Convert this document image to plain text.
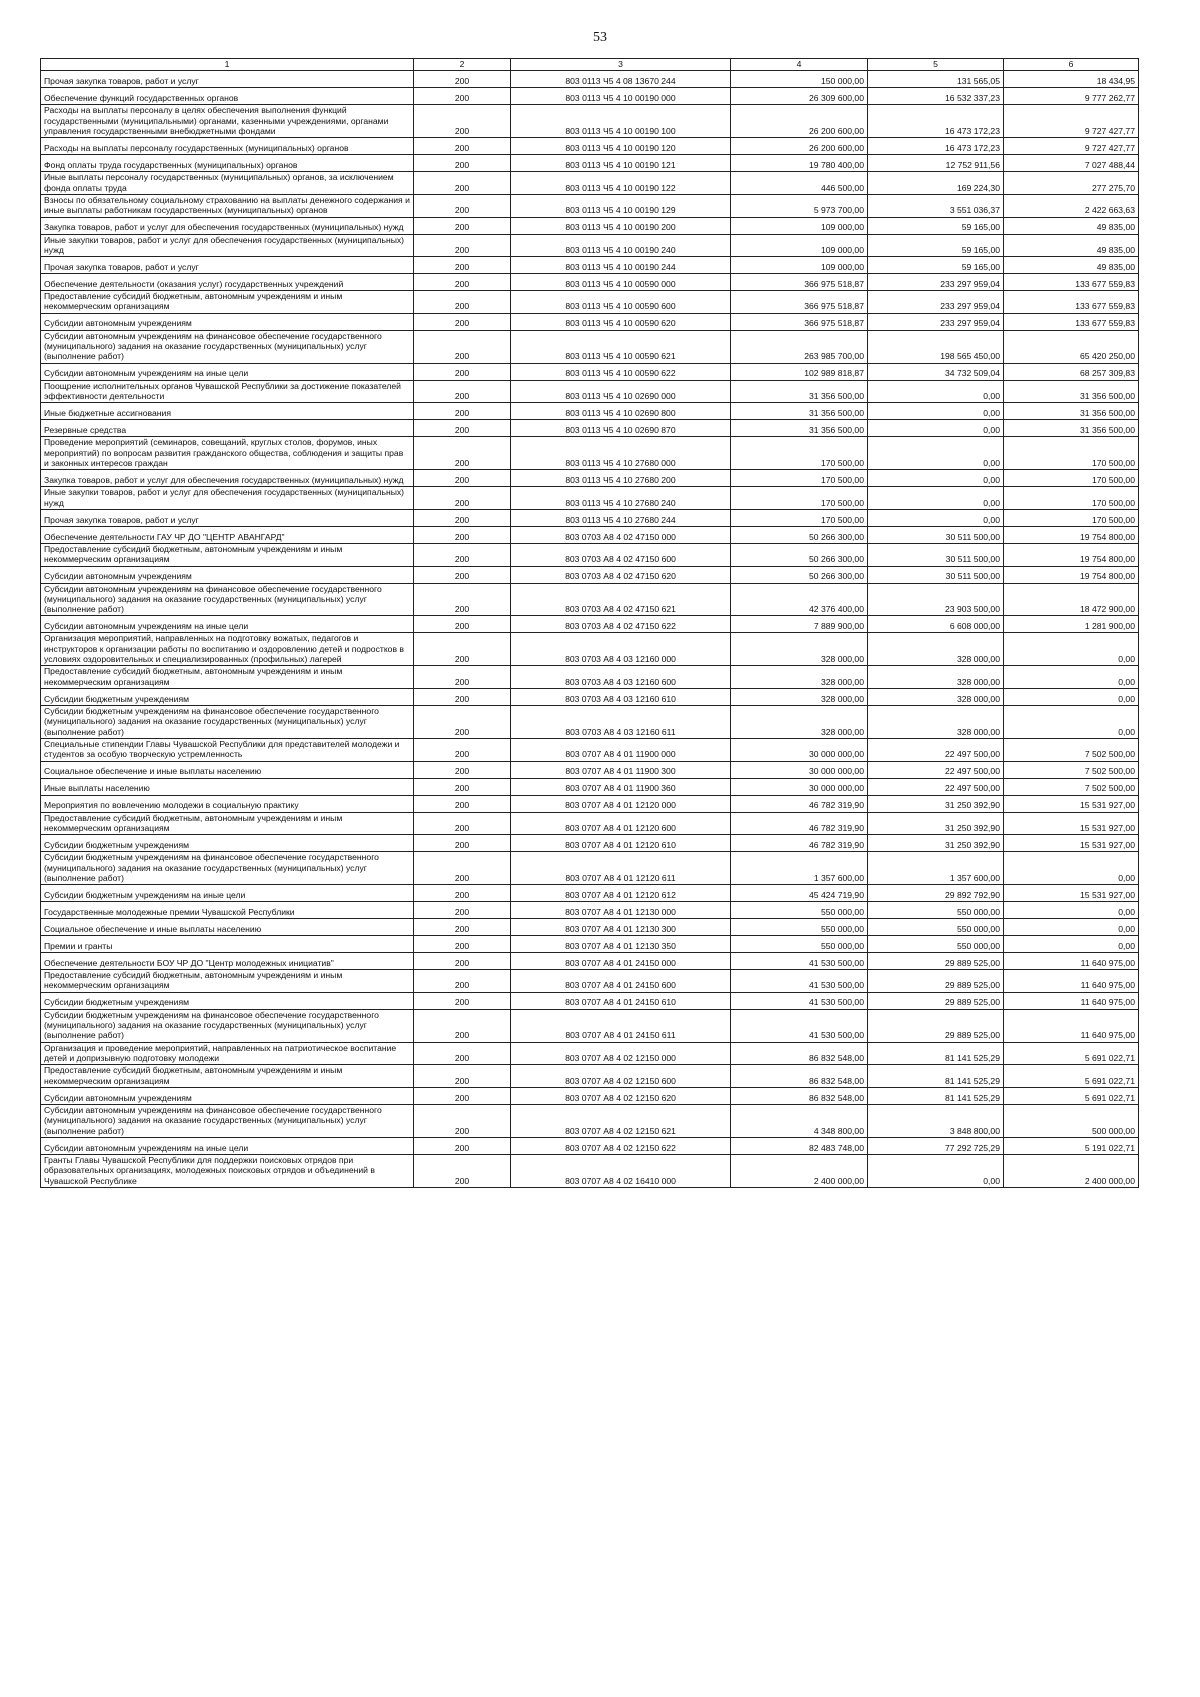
53
1	2	3	4	5	6
Прочая закупка товаров, работ и услуг	200	803 0113 Ч5 4 08 13670 244	150 000,00	131 565,05	18 434,95
Обеспечение функций государственных органов	200	803 0113 Ч5 4 10 00190 000	26 309 600,00	16 532 337,23	9 777 262,77
Расходы на выплаты персоналу в целях обеспечения выполнения функций государственными (муниципальными) органами, казенными учреждениями, органами управления государственными внебюджетными фондами	200	803 0113 Ч5 4 10 00190 100	26 200 600,00	16 473 172,23	9 727 427,77
Расходы на выплаты персоналу государственных (муниципальных) органов	200	803 0113 Ч5 4 10 00190 120	26 200 600,00	16 473 172,23	9 727 427,77
Фонд оплаты труда государственных (муниципальных) органов	200	803 0113 Ч5 4 10 00190 121	19 780 400,00	12 752 911,56	7 027 488,44
Иные выплаты персоналу государственных (муниципальных) органов, за исключением фонда оплаты труда	200	803 0113 Ч5 4 10 00190 122	446 500,00	169 224,30	277 275,70
Взносы по обязательному социальному страхованию на выплаты денежного содержания и иные выплаты работникам государственных (муниципальных) органов	200	803 0113 Ч5 4 10 00190 129	5 973 700,00	3 551 036,37	2 422 663,63
Закупка товаров, работ и услуг для обеспечения государственных (муниципальных) нужд	200	803 0113 Ч5 4 10 00190 200	109 000,00	59 165,00	49 835,00
Иные закупки товаров, работ и услуг для обеспечения государственных (муниципальных) нужд	200	803 0113 Ч5 4 10 00190 240	109 000,00	59 165,00	49 835,00
Прочая закупка товаров, работ и услуг	200	803 0113 Ч5 4 10 00190 244	109 000,00	59 165,00	49 835,00
Обеспечение деятельности (оказания услуг) государственных учреждений	200	803 0113 Ч5 4 10 00590 000	366 975 518,87	233 297 959,04	133 677 559,83
Предоставление субсидий бюджетным, автономным учреждениям и иным некоммерческим организациям	200	803 0113 Ч5 4 10 00590 600	366 975 518,87	233 297 959,04	133 677 559,83
Субсидии автономным учреждениям	200	803 0113 Ч5 4 10 00590 620	366 975 518,87	233 297 959,04	133 677 559,83
Субсидии автономным учреждениям на финансовое обеспечение государственного (муниципального) задания на оказание государственных (муниципальных) услуг (выполнение работ)	200	803 0113 Ч5 4 10 00590 621	263 985 700,00	198 565 450,00	65 420 250,00
Субсидии автономным учреждениям на иные цели	200	803 0113 Ч5 4 10 00590 622	102 989 818,87	34 732 509,04	68 257 309,83
Поощрение исполнительных органов Чувашской Республики за достижение показателей эффективности деятельности	200	803 0113 Ч5 4 10 02690 000	31 356 500,00	0,00	31 356 500,00
Иные бюджетные ассигнования	200	803 0113 Ч5 4 10 02690 800	31 356 500,00	0,00	31 356 500,00
Резервные средства	200	803 0113 Ч5 4 10 02690 870	31 356 500,00	0,00	31 356 500,00
Проведение мероприятий (семинаров, совещаний, круглых столов, форумов, иных мероприятий) по вопросам развития гражданского общества, соблюдения и защиты прав и законных интересов граждан	200	803 0113 Ч5 4 10 27680 000	170 500,00	0,00	170 500,00
Закупка товаров, работ и услуг для обеспечения государственных (муниципальных) нужд	200	803 0113 Ч5 4 10 27680 200	170 500,00	0,00	170 500,00
Иные закупки товаров, работ и услуг для обеспечения государственных (муниципальных) нужд	200	803 0113 Ч5 4 10 27680 240	170 500,00	0,00	170 500,00
Прочая закупка товаров, работ и услуг	200	803 0113 Ч5 4 10 27680 244	170 500,00	0,00	170 500,00
Обеспечение деятельности ГАУ ЧР ДО "ЦЕНТР АВАНГАРД"	200	803 0703 А8 4 02 47150 000	50 266 300,00	30 511 500,00	19 754 800,00
Предоставление субсидий бюджетным, автономным учреждениям и иным некоммерческим организациям	200	803 0703 А8 4 02 47150 600	50 266 300,00	30 511 500,00	19 754 800,00
Субсидии автономным учреждениям	200	803 0703 А8 4 02 47150 620	50 266 300,00	30 511 500,00	19 754 800,00
Субсидии автономным учреждениям на финансовое обеспечение государственного (муниципального) задания на оказание государственных (муниципальных) услуг (выполнение работ)	200	803 0703 А8 4 02 47150 621	42 376 400,00	23 903 500,00	18 472 900,00
Субсидии автономным учреждениям на иные цели	200	803 0703 А8 4 02 47150 622	7 889 900,00	6 608 000,00	1 281 900,00
Организация мероприятий, направленных на подготовку вожатых, педагогов и инструкторов к организации работы по воспитанию и оздоровлению детей и подростков в условиях оздоровительных и специализированных (профильных) лагерей	200	803 0703 А8 4 03 12160 000	328 000,00	328 000,00	0,00
Предоставление субсидий бюджетным, автономным учреждениям и иным некоммерческим организациям	200	803 0703 А8 4 03 12160 600	328 000,00	328 000,00	0,00
Субсидии бюджетным учреждениям	200	803 0703 А8 4 03 12160 610	328 000,00	328 000,00	0,00
Субсидии бюджетным учреждениям на финансовое обеспечение государственного (муниципального) задания на оказание государственных (муниципальных) услуг (выполнение работ)	200	803 0703 А8 4 03 12160 611	328 000,00	328 000,00	0,00
Специальные стипендии Главы Чувашской Республики для представителей молодежи и студентов за особую творческую устремленность	200	803 0707 А8 4 01 11900 000	30 000 000,00	22 497 500,00	7 502 500,00
Социальное обеспечение и иные выплаты населению	200	803 0707 А8 4 01 11900 300	30 000 000,00	22 497 500,00	7 502 500,00
Иные выплаты населению	200	803 0707 А8 4 01 11900 360	30 000 000,00	22 497 500,00	7 502 500,00
Мероприятия по вовлечению молодежи в социальную практику	200	803 0707 А8 4 01 12120 000	46 782 319,90	31 250 392,90	15 531 927,00
Предоставление субсидий бюджетным, автономным учреждениям и иным некоммерческим организациям	200	803 0707 А8 4 01 12120 600	46 782 319,90	31 250 392,90	15 531 927,00
Субсидии бюджетным учреждениям	200	803 0707 А8 4 01 12120 610	46 782 319,90	31 250 392,90	15 531 927,00
Субсидии бюджетным учреждениям на финансовое обеспечение государственного (муниципального) задания на оказание государственных (муниципальных) услуг (выполнение работ)	200	803 0707 А8 4 01 12120 611	1 357 600,00	1 357 600,00	0,00
Субсидии бюджетным учреждениям на иные цели	200	803 0707 А8 4 01 12120 612	45 424 719,90	29 892 792,90	15 531 927,00
Государственные молодежные премии Чувашской Республики	200	803 0707 А8 4 01 12130 000	550 000,00	550 000,00	0,00
Социальное обеспечение и иные выплаты населению	200	803 0707 А8 4 01 12130 300	550 000,00	550 000,00	0,00
Премии и гранты	200	803 0707 А8 4 01 12130 350	550 000,00	550 000,00	0,00
Обеспечение деятельности БОУ ЧР ДО "Центр молодежных инициатив"	200	803 0707 А8 4 01 24150 000	41 530 500,00	29 889 525,00	11 640 975,00
Предоставление субсидий бюджетным, автономным учреждениям и иным некоммерческим организациям	200	803 0707 А8 4 01 24150 600	41 530 500,00	29 889 525,00	11 640 975,00
Субсидии бюджетным учреждениям	200	803 0707 А8 4 01 24150 610	41 530 500,00	29 889 525,00	11 640 975,00
Субсидии бюджетным учреждениям на финансовое обеспечение государственного (муниципального) задания на оказание государственных (муниципальных) услуг (выполнение работ)	200	803 0707 А8 4 01 24150 611	41 530 500,00	29 889 525,00	11 640 975,00
Организация и проведение мероприятий, направленных на патриотическое воспитание детей и допризывную подготовку молодежи	200	803 0707 А8 4 02 12150 000	86 832 548,00	81 141 525,29	5 691 022,71
Предоставление субсидий бюджетным, автономным учреждениям и иным некоммерческим организациям	200	803 0707 А8 4 02 12150 600	86 832 548,00	81 141 525,29	5 691 022,71
Субсидии автономным учреждениям	200	803 0707 А8 4 02 12150 620	86 832 548,00	81 141 525,29	5 691 022,71
Субсидии автономным учреждениям на финансовое обеспечение государственного (муниципального) задания на оказание государственных (муниципальных) услуг (выполнение работ)	200	803 0707 А8 4 02 12150 621	4 348 800,00	3 848 800,00	500 000,00
Субсидии автономным учреждениям на иные цели	200	803 0707 А8 4 02 12150 622	82 483 748,00	77 292 725,29	5 191 022,71
Гранты Главы Чувашской Республики для поддержки поисковых отрядов при образовательных организациях, молодежных поисковых отрядов и объединений в Чувашской Республике	200	803 0707 А8 4 02 16410 000	2 400 000,00	0,00	2 400 000,00
